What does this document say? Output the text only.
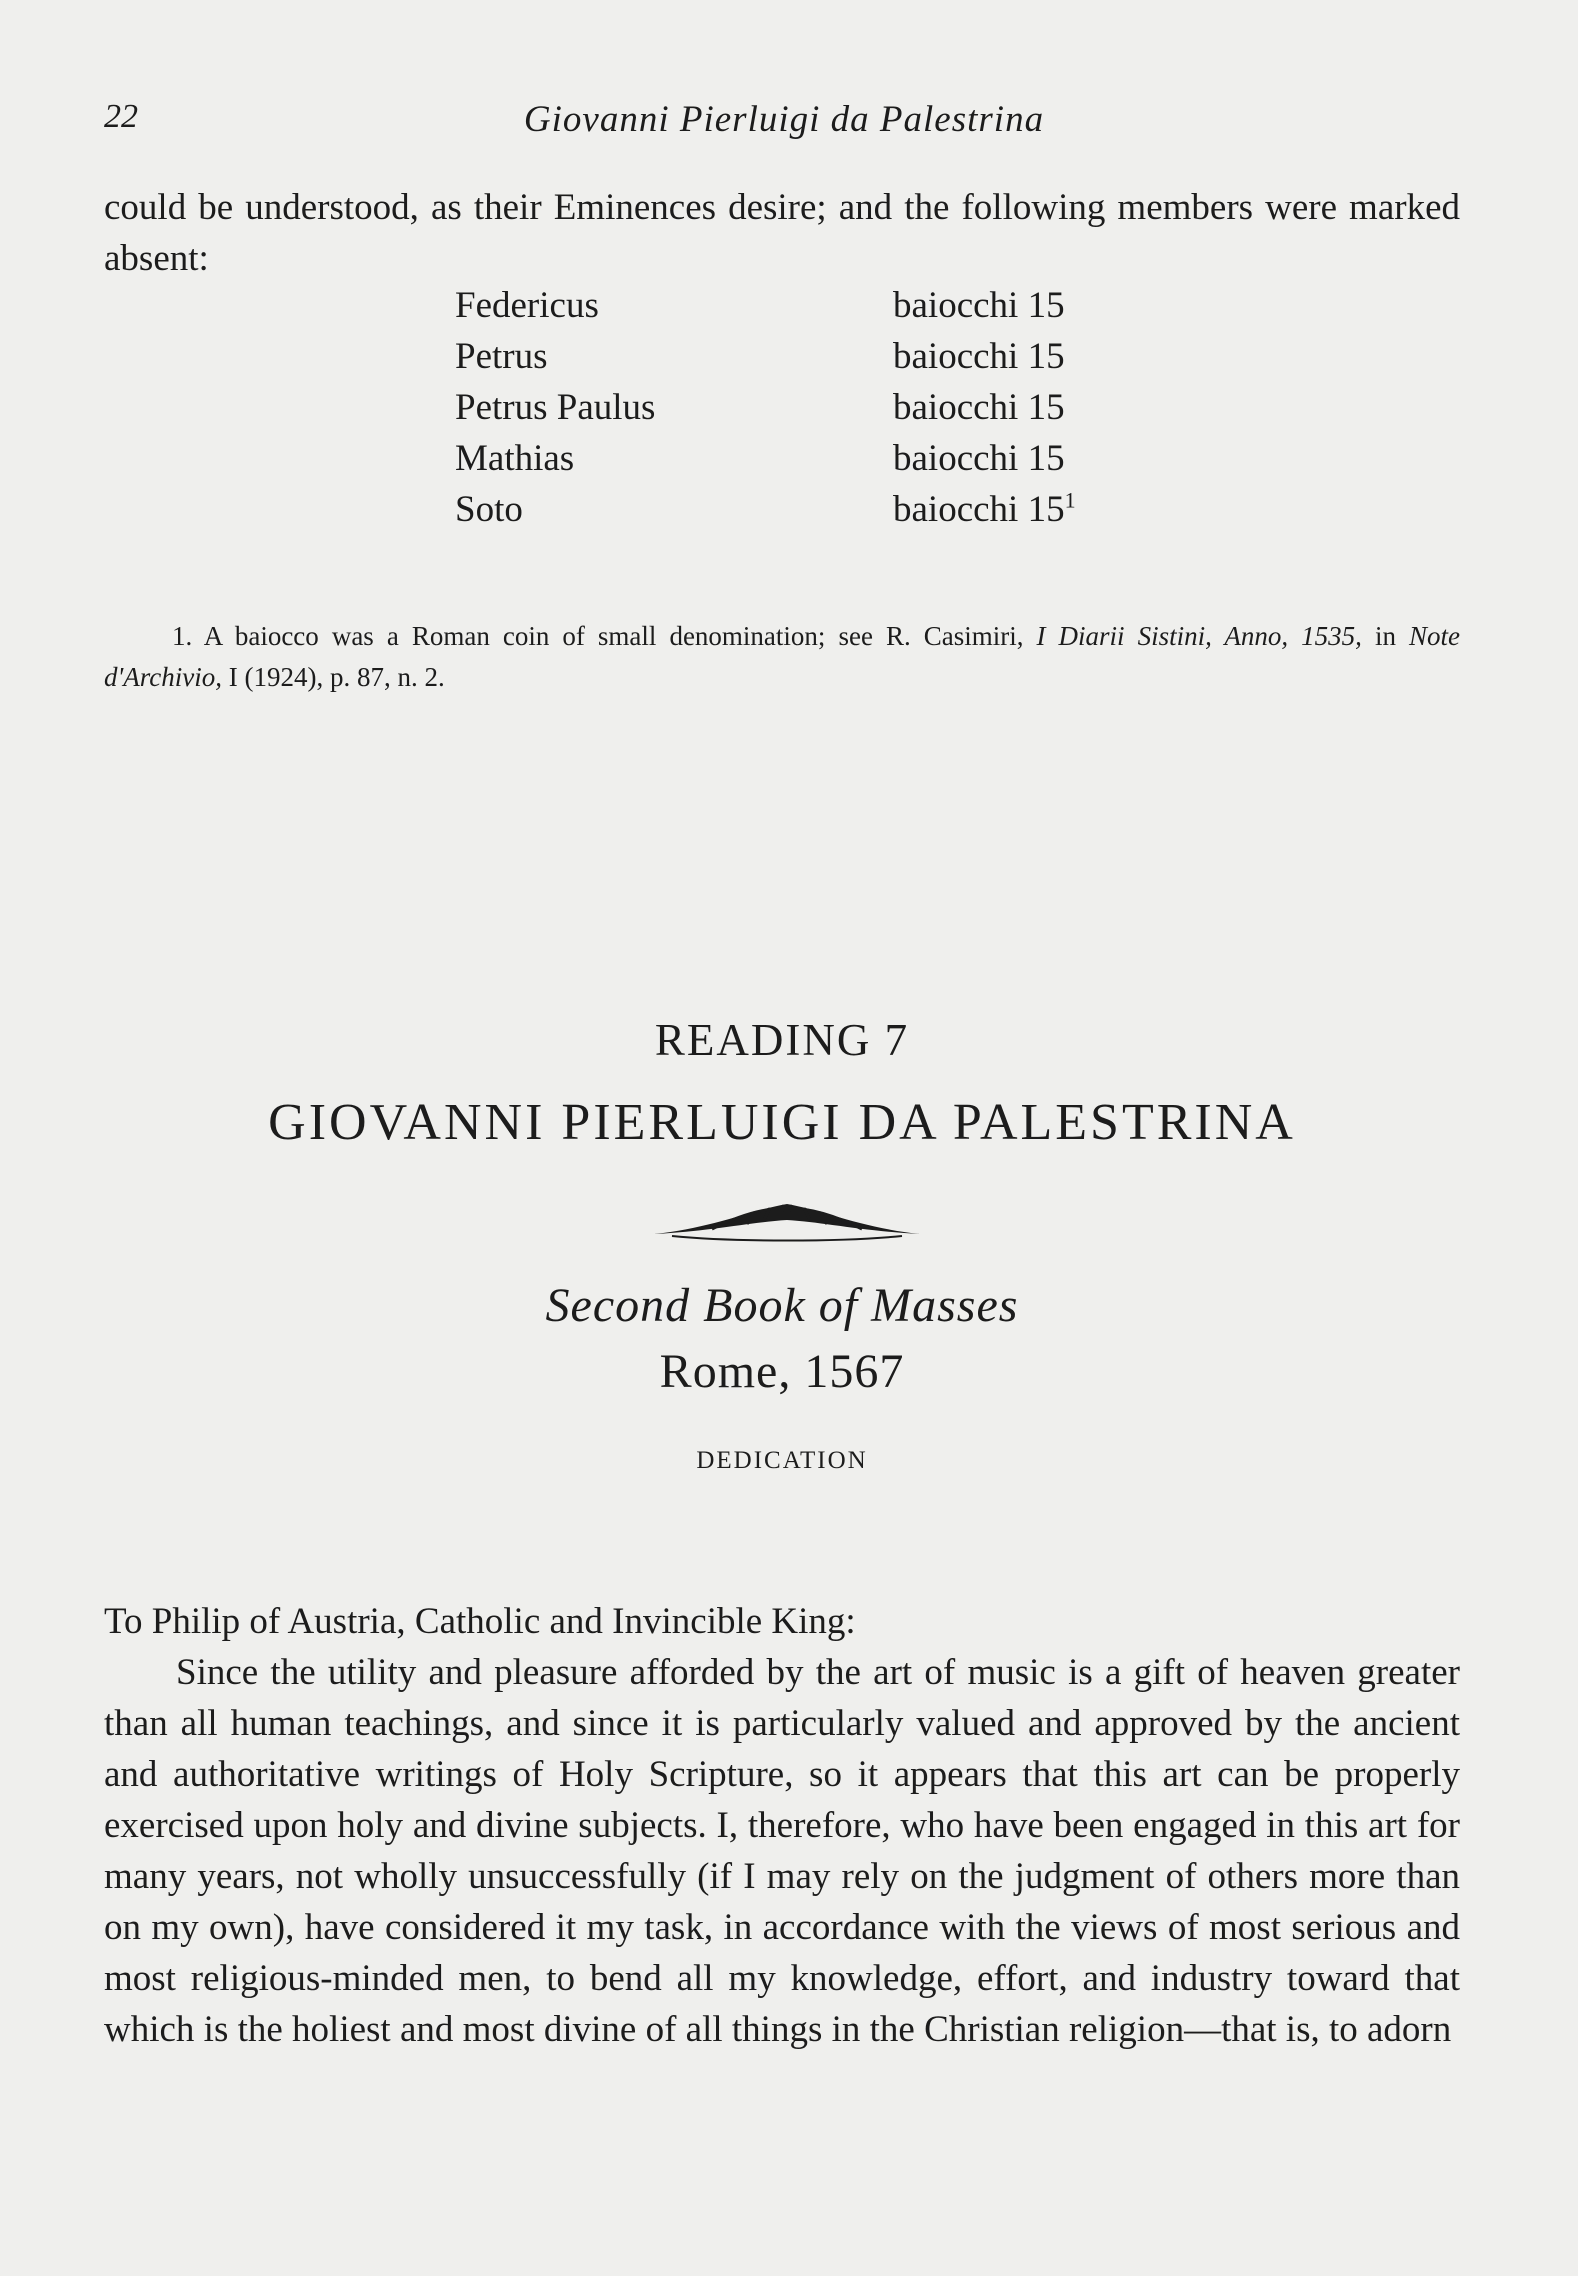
22	Giovanni Pierluigi da Palestrina

could be understood, as their Eminences desire; and the following members were marked absent:

Federicus	baiocchi 15
Petrus	baiocchi 15
Petrus Paulus	baiocchi 15
Mathias	baiocchi 15
Soto	baiocchi 15$^1$
1. A baiocco was a Roman coin of small denomination; see R. Casimiri, I Diarii Sistini, Anno, 1535, in Note d'Archivio, I (1924), p. 87, n. 2.
READING 7
GIOVANNI PIERLUIGI DA PALESTRINA
Second Book of Masses
Rome, 1567
DEDICATION

To Philip of Austria, Catholic and Invincible King:

Since the utility and pleasure afforded by the art of music is a gift of heaven greater than all human teachings, and since it is particularly valued and approved by the ancient and authoritative writings of Holy Scripture, so it appears that this art can be properly exercised upon holy and divine subjects. I, therefore, who have been engaged in this art for many years, not wholly unsuccessfully (if I may rely on the judgment of others more than on my own), have considered it my task, in accordance with the views of most serious and most religious-minded men, to bend all my knowledge, effort, and industry toward that which is the holiest and most divine of all things in the Christian religion—that is, to adorn
